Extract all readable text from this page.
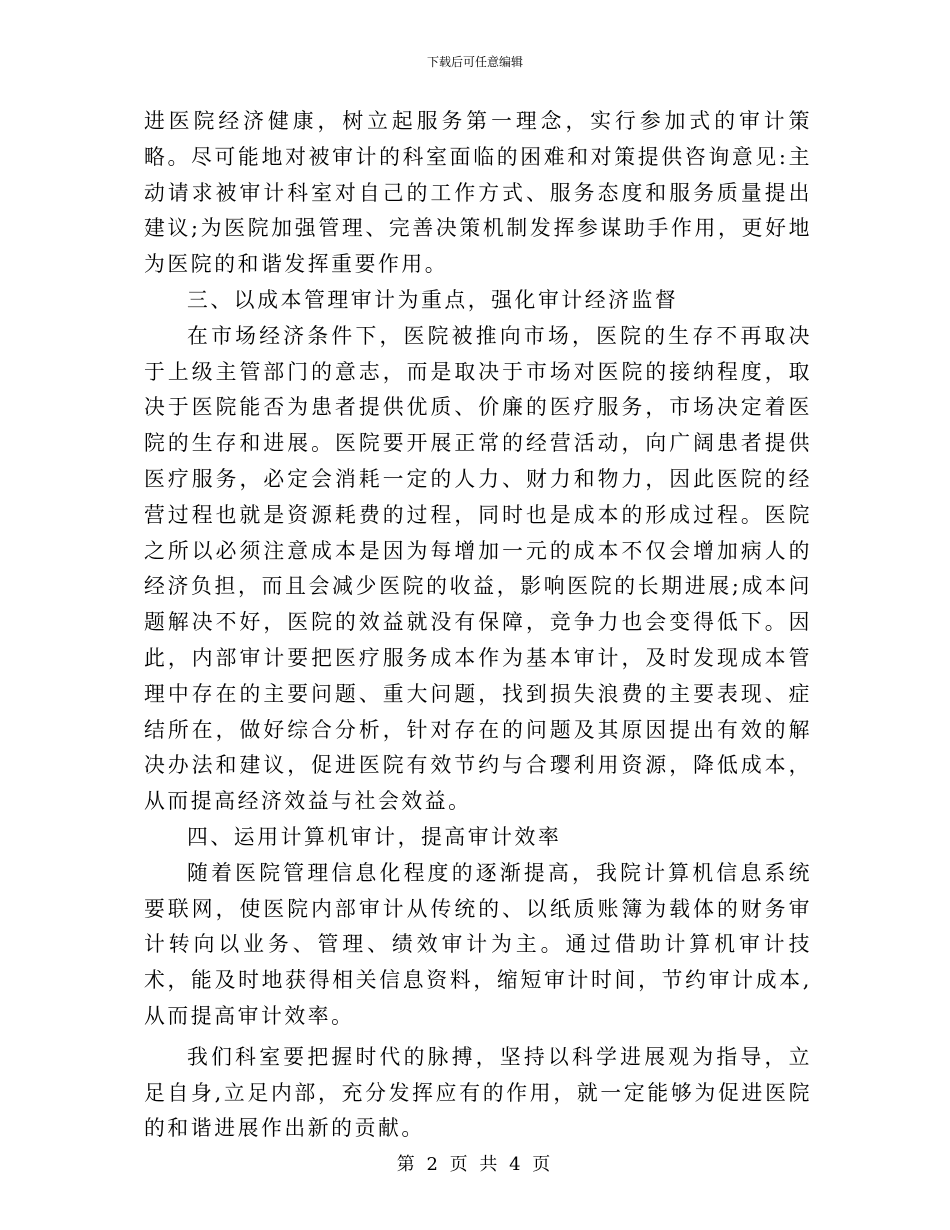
下载后可任意编辑

进医院经济健康，树立起服务第一理念，实行参加式的审计策略。尽可能地对被审计的科室面临的困难和对策提供咨询意见:主动请求被审计科室对自己的工作方式、服务态度和服务质量提出建议;为医院加强管理、完善决策机制发挥参谋助手作用，更好地为医院的和谐发挥重要作用。

三、以成本管理审计为重点，强化审计经济监督

在市场经济条件下，医院被推向市场，医院的生存不再取决于上级主管部门的意志，而是取决于市场对医院的接纳程度，取决于医院能否为患者提供优质、价廉的医疗服务，市场决定着医院的生存和进展。医院要开展正常的经营活动，向广阔患者提供医疗服务，必定会消耗一定的人力、财力和物力，因此医院的经营过程也就是资源耗费的过程，同时也是成本的形成过程。医院之所以必须注意成本是因为每增加一元的成本不仅会增加病人的经济负担，而且会减少医院的收益，影响医院的长期进展;成本问题解决不好，医院的效益就没有保障，竞争力也会变得低下。因此，内部审计要把医疗服务成本作为基本审计，及时发现成本管理中存在的主要问题、重大问题，找到损失浪费的主要表现、症结所在，做好综合分析，针对存在的问题及其原因提出有效的解决办法和建议，促进医院有效节约与合璎利用资源，降低成本，从而提高经济效益与社会效益。

四、运用计算机审计，提高审计效率

随着医院管理信息化程度的逐渐提高，我院计算机信息系统要联网，使医院内部审计从传统的、以纸质账簿为载体的财务审计转向以业务、管理、绩效审计为主。通过借助计算机审计技术，能及时地获得相关信息资料，缩短审计时间，节约审计成本,从而提高审计效率。

我们科室要把握时代的脉搏，坚持以科学进展观为指导，立足自身,立足内部，充分发挥应有的作用，就一定能够为促进医院的和谐进展作出新的贡献。

第 2 页 共 4 页
